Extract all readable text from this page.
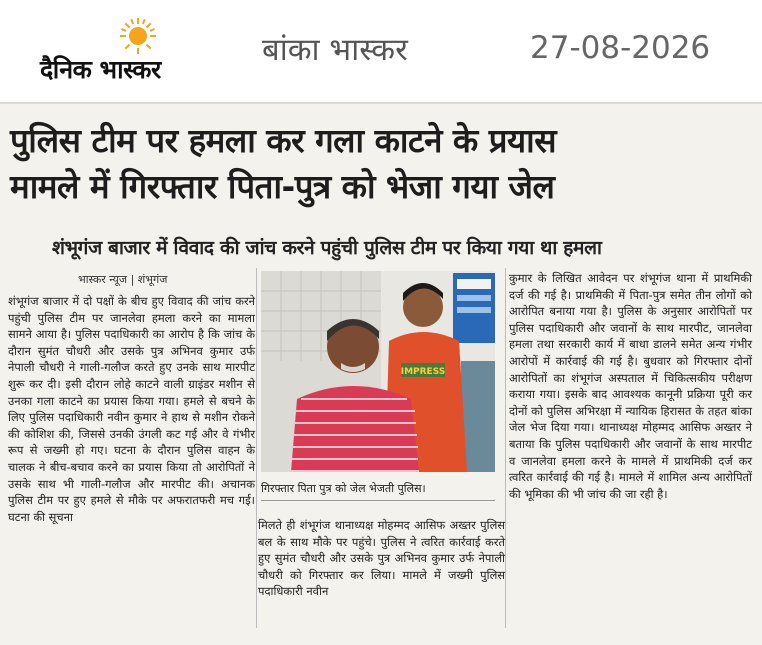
दैनिक भास्कर
बांका भास्कर	27-08-2026
पुलिस टीम पर हमला कर गला काटने के प्रयास
मामले में गिरफ्तार पिता-पुत्र को भेजा गया जेल
शंभूगंज बाजार में विवाद की जांच करने पहुंची पुलिस टीम पर किया गया था हमला
भास्कर न्यूज | शंभूगंज
शंभूगंज बाजार में दो पक्षों के बीच हुए विवाद की जांच करने पहुंची पुलिस टीम पर जानलेवा हमला करने का मामला सामने आया है। पुलिस पदाधिकारी का आरोप है कि जांच के दौरान सुमंत चौधरी और उसके पुत्र अभिनव कुमार उर्फ नेपाली चौधरी ने गाली-गलौज करते हुए उनके साथ मारपीट शुरू कर दी। इसी दौरान लोहे काटने वाली ग्राइंडर मशीन से उनका गला काटने का प्रयास किया गया। हमले से बचने के लिए पुलिस पदाधिकारी नवीन कुमार ने हाथ से मशीन रोकने की कोशिश की, जिससे उनकी उंगली कट गई और वे गंभीर रूप से जख्मी हो गए। घटना के दौरान पुलिस वाहन के चालक ने बीच-बचाव करने का प्रयास किया तो आरोपितों ने उसके साथ भी गाली-गलौज और मारपीट की। अचानक पुलिस टीम पर हुए हमले से मौके पर अफरातफरी मच गई। घटना की सूचना
IMPRESS
गिरफ्तार पिता पुत्र को जेल भेजती पुलिस।
मिलते ही शंभूगंज थानाध्यक्ष मोहम्मद आसिफ अख्तर पुलिस बल के साथ मौके पर पहुंचे। पुलिस ने त्वरित कार्रवाई करते हुए सुमंत चौधरी और उसके पुत्र अभिनव कुमार उर्फ नेपाली चौधरी को गिरफ्तार कर लिया। मामले में जख्मी पुलिस पदाधिकारी नवीन
कुमार के लिखित आवेदन पर शंभूगंज थाना में प्राथमिकी दर्ज की गई है। प्राथमिकी में पिता-पुत्र समेत तीन लोगों को आरोपित बनाया गया है। पुलिस के अनुसार आरोपितों पर पुलिस पदाधिकारी और जवानों के साथ मारपीट, जानलेवा हमला तथा सरकारी कार्य में बाधा डालने समेत अन्य गंभीर आरोपों में कार्रवाई की गई है। बुधवार को गिरफ्तार दोनों आरोपितों का शंभूगंज अस्पताल में चिकित्सकीय परीक्षण कराया गया। इसके बाद आवश्यक कानूनी प्रक्रिया पूरी कर दोनों को पुलिस अभिरक्षा में न्यायिक हिरासत के तहत बांका जेल भेज दिया गया। थानाध्यक्ष मोहम्मद आसिफ अख्तर ने बताया कि पुलिस पदाधिकारी और जवानों के साथ मारपीट व जानलेवा हमला करने के मामले में प्राथमिकी दर्ज कर त्वरित कार्रवाई की गई है। मामले में शामिल अन्य आरोपितों की भूमिका की भी जांच की जा रही है।
